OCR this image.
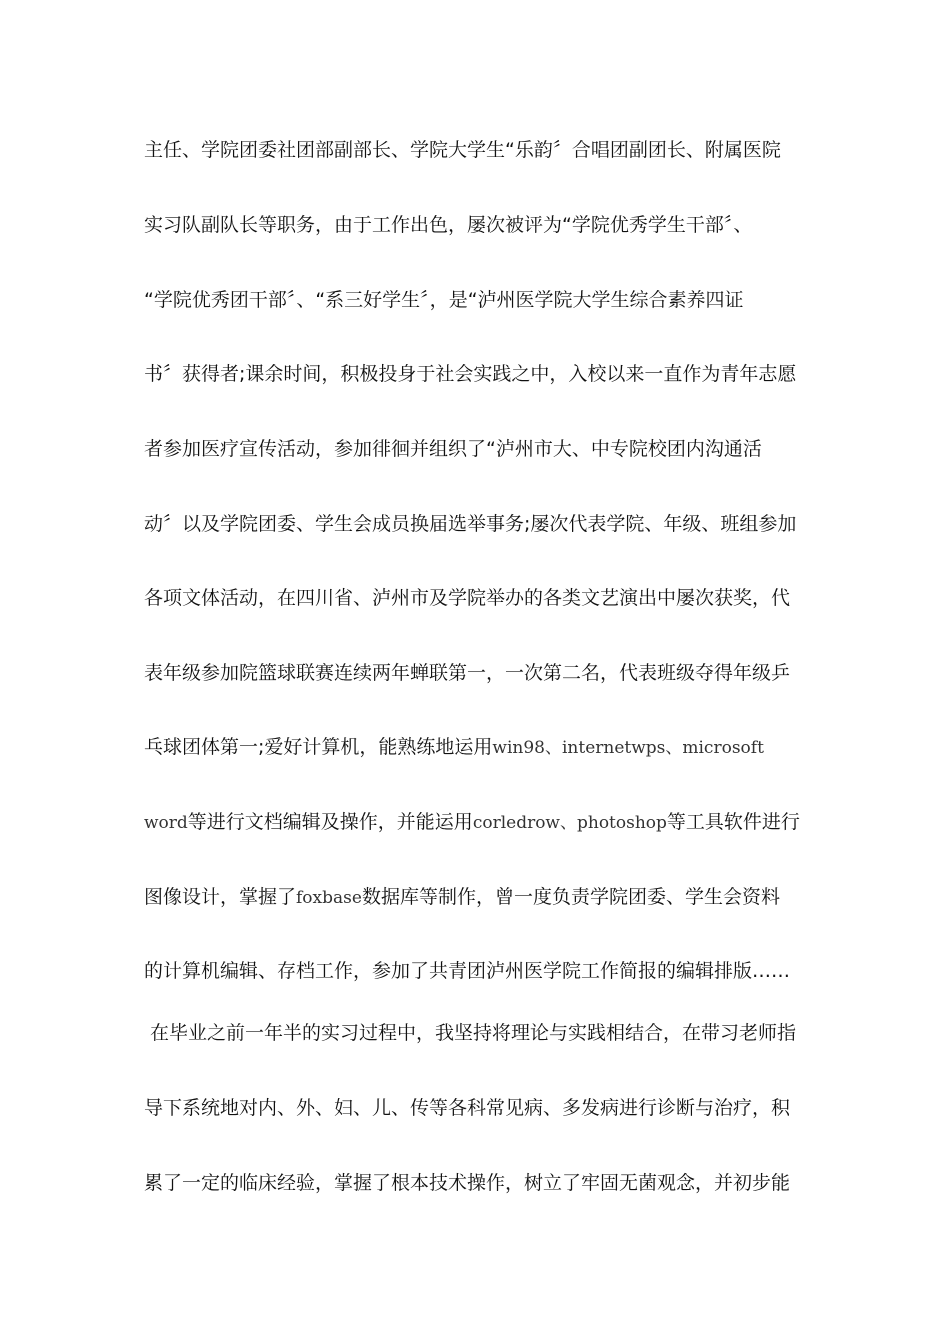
主任、学院团委社团部副部长、学院大学生“乐韵〞合唱团副团长、附属医院
实习队副队长等职务，由于工作出色，屡次被评为“学院优秀学生干部〞、
“学院优秀团干部〞、“系三好学生〞，是“泸州医学院大学生综合素养四证
书〞获得者;课余时间，积极投身于社会实践之中，入校以来一直作为青年志愿
者参加医疗宣传活动，参加徘徊并组织了“泸州市大、中专院校团内沟通活
动〞以及学院团委、学生会成员换届选举事务;屡次代表学院、年级、班组参加
各项文体活动，在四川省、泸州市及学院举办的各类文艺演出中屡次获奖，代
表年级参加院篮球联赛连续两年蝉联第一，一次第二名，代表班级夺得年级乒
乓球团体第一;爱好计算机，能熟练地运用win98、internetwps、microsoft
word等进行文档编辑及操作，并能运用corledrow、photoshop等工具软件进行
图像设计，掌握了foxbase数据库等制作，曾一度负责学院团委、学生会资料
的计算机编辑、存档工作，参加了共青团泸州医学院工作简报的编辑排版……
在毕业之前一年半的实习过程中，我坚持将理论与实践相结合，在带习老师指
导下系统地对内、外、妇、儿、传等各科常见病、多发病进行诊断与治疗，积
累了一定的临床经验，掌握了根本技术操作，树立了牢固无菌观念，并初步能
